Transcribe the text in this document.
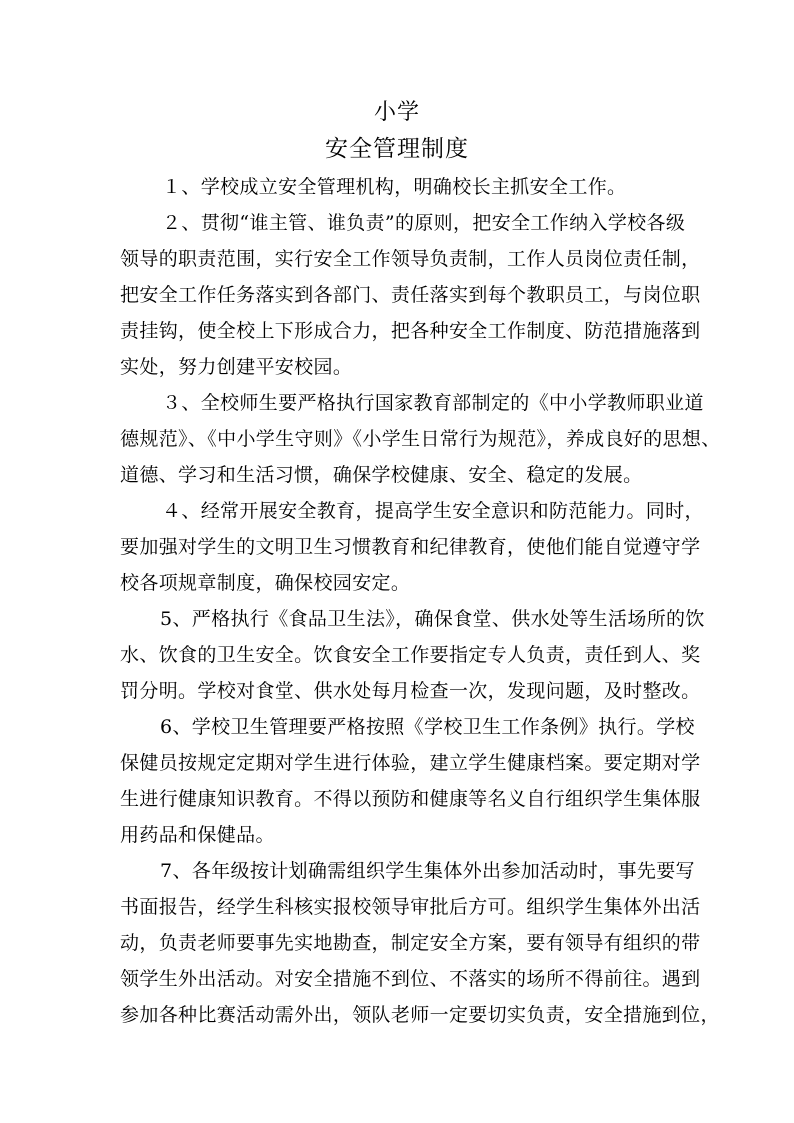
小学
安全管理制度
１、学校成立安全管理机构，明确校长主抓安全工作。
２、贯彻“谁主管、谁负责”的原则，把安全工作纳入学校各级
领导的职责范围，实行安全工作领导负责制，工作人员岗位责任制，
把安全工作任务落实到各部门、责任落实到每个教职员工，与岗位职
责挂钩，使全校上下形成合力，把各种安全工作制度、防范措施落到
实处，努力创建平安校园。
３、全校师生要严格执行国家教育部制定的《中小学教师职业道
德规范》、《中小学生守则》《小学生日常行为规范》，养成良好的思想、
道德、学习和生活习惯，确保学校健康、安全、稳定的发展。
４、经常开展安全教育，提高学生安全意识和防范能力。同时，
要加强对学生的文明卫生习惯教育和纪律教育，使他们能自觉遵守学
校各项规章制度，确保校园安定。
5、严格执行《食品卫生法》，确保食堂、供水处等生活场所的饮
水、饮食的卫生安全。饮食安全工作要指定专人负责，责任到人、奖
罚分明。学校对食堂、供水处每月检查一次，发现问题，及时整改。
6、学校卫生管理要严格按照《学校卫生工作条例》执行。学校
保健员按规定定期对学生进行体验，建立学生健康档案。要定期对学
生进行健康知识教育。不得以预防和健康等名义自行组织学生集体服
用药品和保健品。
7、各年级按计划确需组织学生集体外出参加活动时，事先要写
书面报告，经学生科核实报校领导审批后方可。组织学生集体外出活
动，负责老师要事先实地勘查，制定安全方案，要有领导有组织的带
领学生外出活动。对安全措施不到位、不落实的场所不得前往。遇到
参加各种比赛活动需外出，领队老师一定要切实负责，安全措施到位，
